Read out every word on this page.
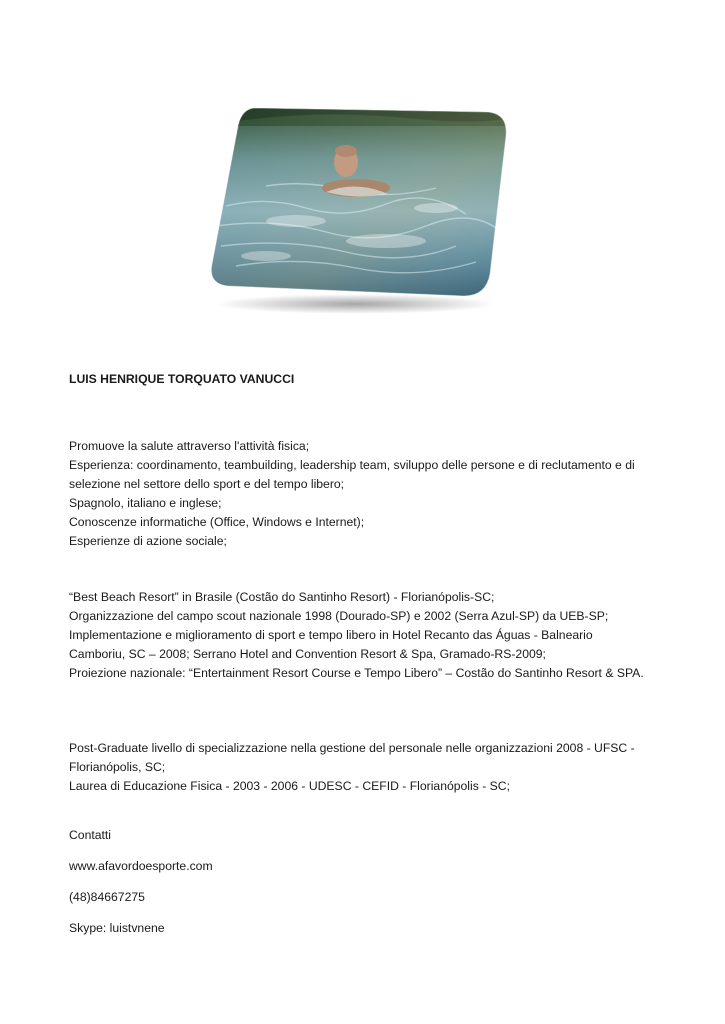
LUIS HENRIQUE TORQUATO VANUCCI
Promuove la salute attraverso l'attività fisica;
Esperienza: coordinamento, teambuilding, leadership team, sviluppo delle persone e di reclutamento e di
selezione nel settore dello sport e del tempo libero;
Spagnolo, italiano e inglese;
Conoscenze informatiche (Office, Windows e Internet);
Esperienze di azione sociale;
“Best Beach Resort” in Brasile (Costão do Santinho Resort) - Florianópolis-SC;
Organizzazione del campo scout nazionale 1998 (Dourado-SP) e 2002 (Serra Azul-SP) da UEB-SP;
Implementazione e miglioramento di sport e tempo libero in Hotel Recanto das Águas - Balneario
Camboriu, SC – 2008; Serrano Hotel and Convention Resort & Spa, Gramado-RS-2009;
Proiezione nazionale: “Entertainment Resort Course e Tempo Libero” – Costão do Santinho Resort & SPA.
Post-Graduate livello di specializzazione nella gestione del personale nelle organizzazioni 2008 - UFSC -
Florianópolis, SC;
Laurea di Educazione Fisica - 2003 - 2006 - UDESC - CEFID - Florianópolis - SC;
Contatti
www.afavordoesporte.com
(48)84667275
Skype: luistvnene
